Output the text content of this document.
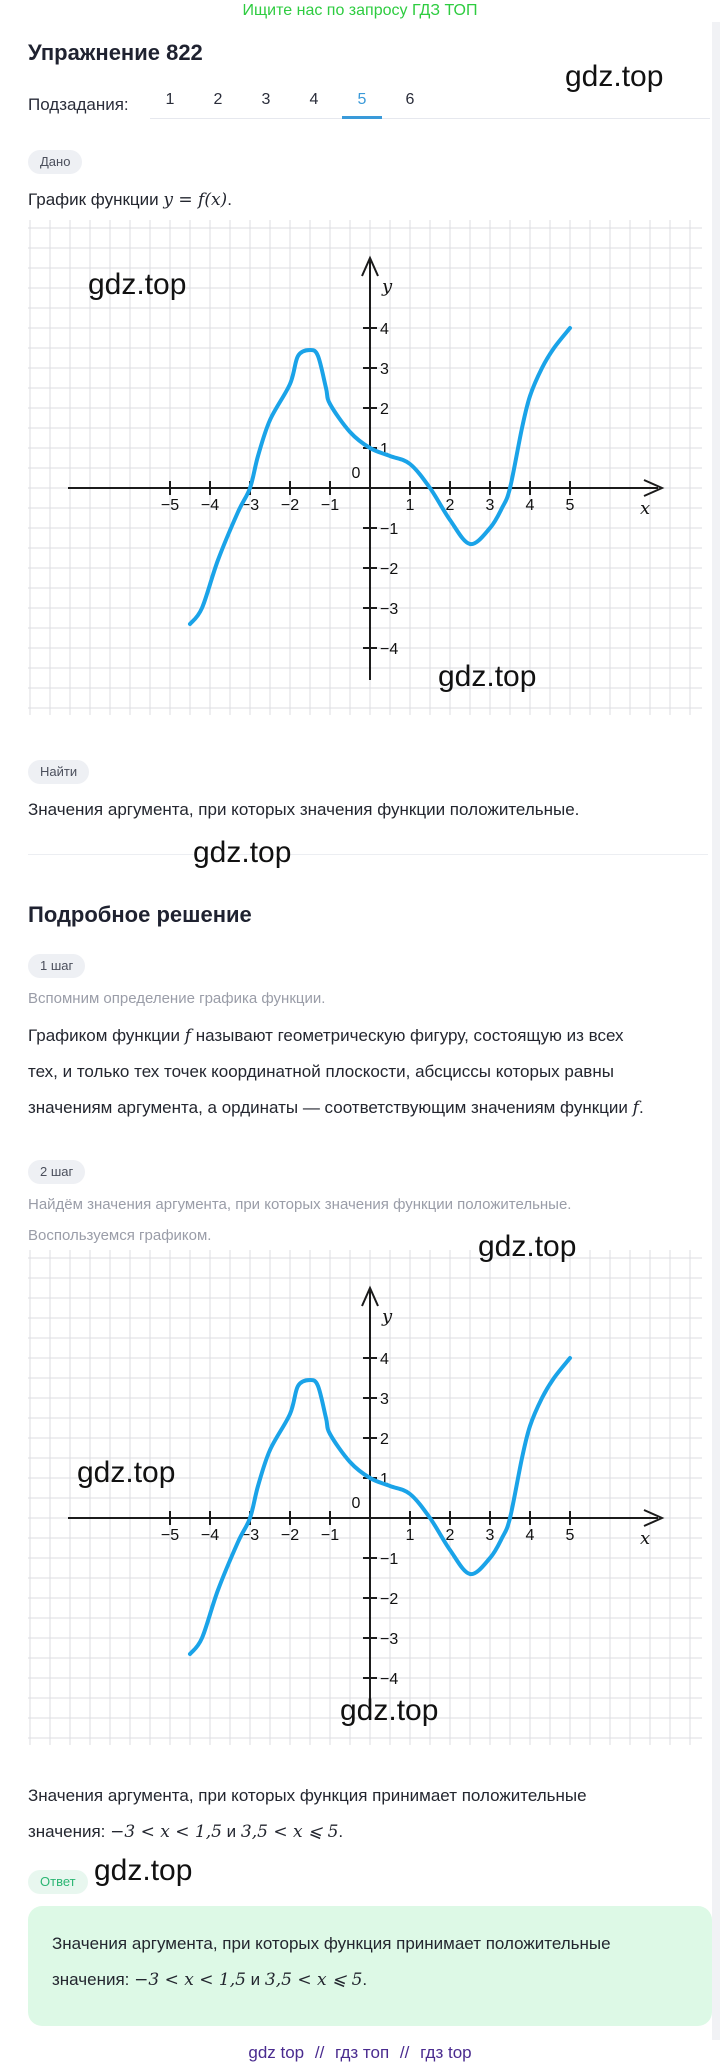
Ищите нас по запросу ГДЗ ТОП
Упражнение 822
gdz.top
Подзадания:	1	2	3	4	5	6
Дано
График функции y = f(x).
−5 −4 −3 −2 −1	1 2 3 4 5
4
3
2
1
−1
−2
−3
−4
0
x
y
gdz.top
gdz.top
Найти
Значения аргумента, при которых значения функции положительные.
gdz.top
Подробное решение
1 шаг
Вспомним определение графика функции.
Графиком функции f называют геометрическую фигуру, состоящую из всех
тех, и только тех точек координатной плоскости, абсциссы которых равны
значениям аргумента, а ординаты — соответствующим значениям функции f.
2 шаг
Найдём значения аргумента, при которых значения функции положительные.
Воспользуемся графиком.
−5 −4 −3 −2 −1	1 2 3 4 5
4
3
2
1
−1
−2
−3
−4
0
x
y
gdz.top
gdz.top
gdz.top
Значения аргумента, при которых функция принимает положительные
значения: −3 < x < 1,5 и 3,5 < x ⩽ 5.
Ответ gdz.top
Значения аргумента, при которых функция принимает положительные
значения: −3 < x < 1,5 и 3,5 < x ⩽ 5.
gdz top // гдз топ // гдз top
